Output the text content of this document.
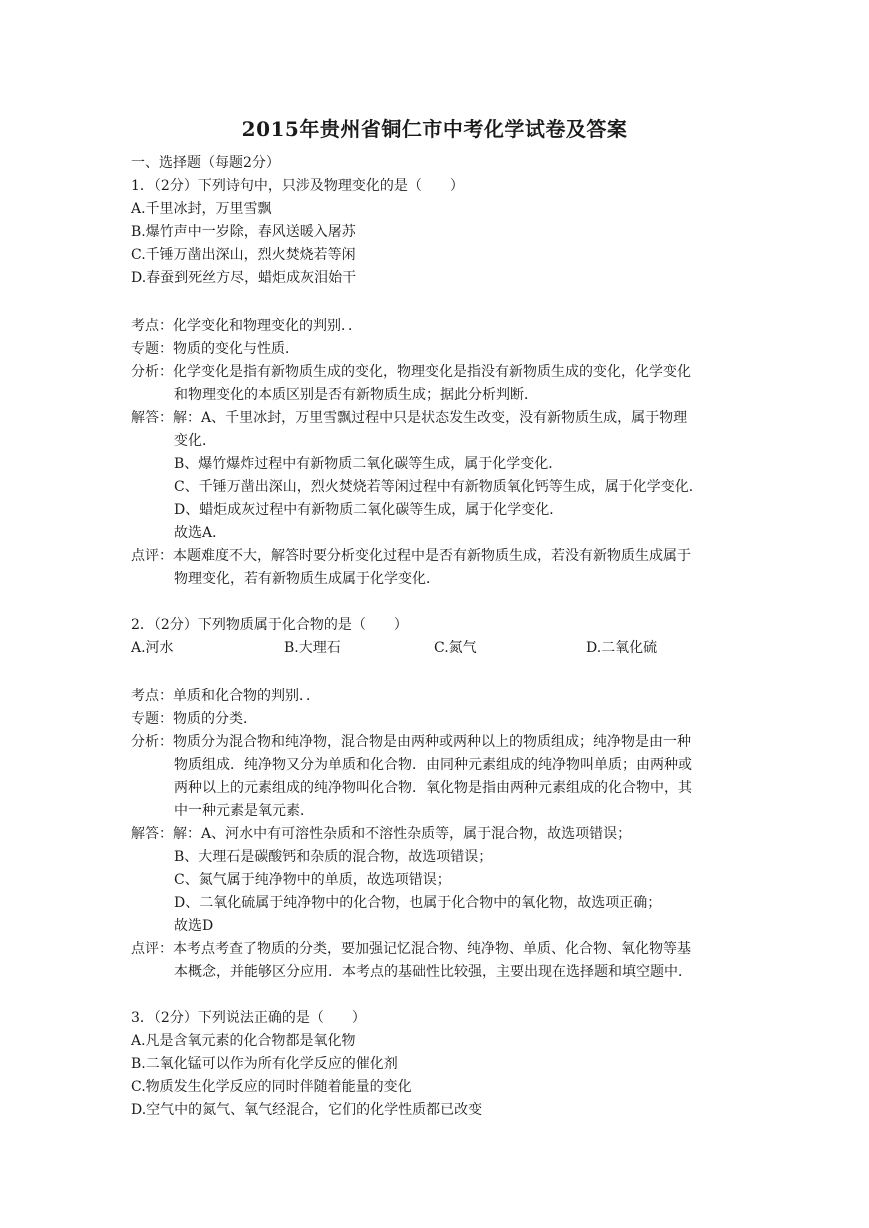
2015年贵州省铜仁市中考化学试卷及答案
一、选择题（每题2分）
1．（2分）下列诗句中，只涉及物理变化的是（　　）
A.千里冰封，万里雪飘
B.爆竹声中一岁除，春风送暖入屠苏
C.千锤万凿出深山，烈火焚烧若等闲
D.春蚕到死丝方尽，蜡炬成灰泪始干
考点：化学变化和物理变化的判别．．
专题：物质的变化与性质．
分析：化学变化是指有新物质生成的变化，物理变化是指没有新物质生成的变化，化学变化
和物理变化的本质区别是否有新物质生成；据此分析判断．
解答：解：A、千里冰封，万里雪飘过程中只是状态发生改变，没有新物质生成，属于物理
变化．
B、爆竹爆炸过程中有新物质二氧化碳等生成，属于化学变化．
C、千锤万凿出深山，烈火焚烧若等闲过程中有新物质氧化钙等生成，属于化学变化．
D、蜡炬成灰过程中有新物质二氧化碳等生成，属于化学变化．
故选A．
点评：本题难度不大，解答时要分析变化过程中是否有新物质生成，若没有新物质生成属于
物理变化，若有新物质生成属于化学变化．
2．（2分）下列物质属于化合物的是（　　）
A.河水	B.大理石	C.氮气	D.二氧化硫
考点：单质和化合物的判别．．
专题：物质的分类．
分析：物质分为混合物和纯净物，混合物是由两种或两种以上的物质组成；纯净物是由一种
物质组成．纯净物又分为单质和化合物．由同种元素组成的纯净物叫单质；由两种或
两种以上的元素组成的纯净物叫化合物．氧化物是指由两种元素组成的化合物中，其
中一种元素是氧元素．
解答：解：A、河水中有可溶性杂质和不溶性杂质等，属于混合物，故选项错误；
B、大理石是碳酸钙和杂质的混合物，故选项错误；
C、氮气属于纯净物中的单质，故选项错误；
D、二氧化硫属于纯净物中的化合物，也属于化合物中的氧化物，故选项正确；
故选D
点评：本考点考查了物质的分类，要加强记忆混合物、纯净物、单质、化合物、氧化物等基
本概念，并能够区分应用．本考点的基础性比较强，主要出现在选择题和填空题中．
3．（2分）下列说法正确的是（　　）
A.凡是含氧元素的化合物都是氧化物
B.二氧化锰可以作为所有化学反应的催化剂
C.物质发生化学反应的同时伴随着能量的变化
D.空气中的氮气、氧气经混合，它们的化学性质都已改变
